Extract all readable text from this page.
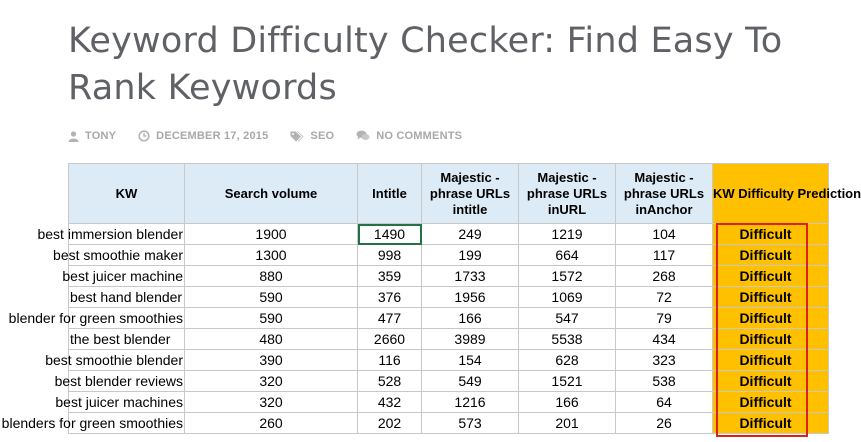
Keyword Difficulty Checker: Find Easy To Rank Keywords
TONY	DECEMBER 17, 2015	SEO	NO COMMENTS
KW	Search volume	Intitle	Majestic - phrase URLs intitle	Majestic - phrase URLs inURL	Majestic - phrase URLs inAnchor	KW Difficulty Prediction
best immersion blender	1900	1490	249	1219	104	Difficult
best smoothie maker	1300	998	199	664	117	Difficult
best juicer machine	880	359	1733	1572	268	Difficult
best hand blender	590	376	1956	1069	72	Difficult
blender for green smoothies	590	477	166	547	79	Difficult
the best blender	480	2660	3989	5538	434	Difficult
best smoothie blender	390	116	154	628	323	Difficult
best blender reviews	320	528	549	1521	538	Difficult
best juicer machines	320	432	1216	166	64	Difficult
blenders for green smoothies	260	202	573	201	26	Difficult
